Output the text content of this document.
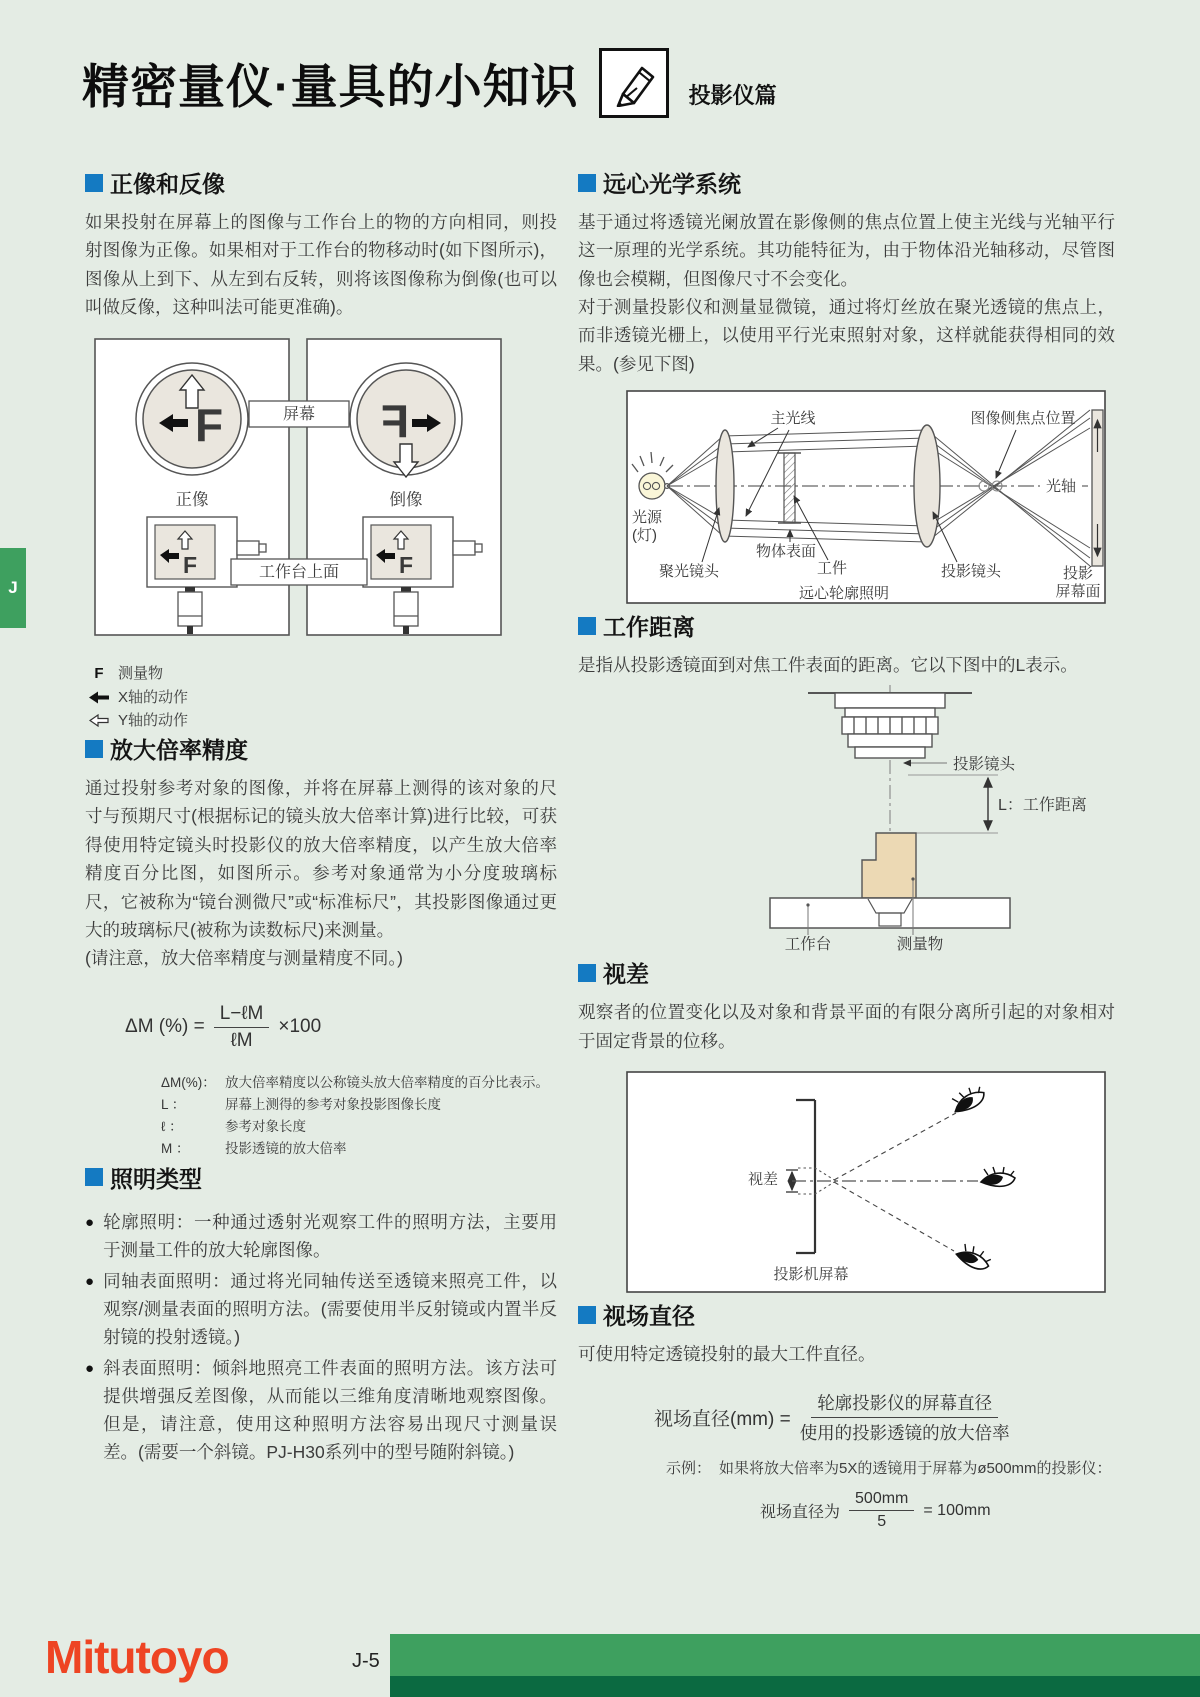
精密量仪·量具的小知识	投影仪篇
J
正像和反像

如果投射在屏幕上的图像与工作台上的物的方向相同，则投射图像为正像。如果相对于工作台的物移动时(如下图所示)，图像从上到下、从左到右反转，则将该图像称为倒像(也可以叫做反像，这种叫法可能更准确)。

F
正像
F
F
倒像
F
屏幕
工作台上面
F 测量物
X轴的动作
Y轴的动作
放大倍率精度

通过投射参考对象的图像，并将在屏幕上测得的该对象的尺寸与预期尺寸(根据标记的镜头放大倍率计算)进行比较，可获得使用特定镜头时投影仪的放大倍率精度，以产生放大倍率精度百分比图，如图所示。参考对象通常为小分度玻璃标尺，它被称为“镜台测微尺”或“标准标尺”，其投影图像通过更大的玻璃标尺(被称为读数标尺)来测量。

(请注意，放大倍率精度与测量精度不同。)

ΔM (%) = $\frac{\text{L−ℓM}}{\text{ℓM}} \times 100$
ΔM(%)： 放大倍率精度以公称镜头放大倍率精度的百分比表示。
L ：	屏幕上测得的参考对象投影图像长度
ℓ ：	参考对象长度
M ：	投影透镜的放大倍率
照明类型
● 轮廓照明：一种通过透射光观察工件的照明方法，主要用于测量工件的放大轮廓图像。
● 同轴表面照明：通过将光同轴传送至透镜来照亮工件，以观察/测量表面的照明方法。(需要使用半反射镜或内置半反射镜的投射透镜。)
● 斜表面照明：倾斜地照亮工件表面的照明方法。该方法可提供增强反差图像，从而能以三维角度清晰地观察图像。但是，请注意，使用这种照明方法容易出现尺寸测量误差。(需要一个斜镜。PJ-H30系列中的型号随附斜镜。)
远心光学系统

基于通过将透镜光阑放置在影像侧的焦点位置上使主光线与光轴平行这一原理的光学系统。其功能特征为，由于物体沿光轴移动，尽管图像也会模糊，但图像尺寸不会变化。

对于测量投影仪和测量显微镜，通过将灯丝放在聚光透镜的焦点上，而非透镜光栅上，以使用平行光束照射对象，这样就能获得相同的效果。(参见下图)

光源
(灯)
主光线	图像侧焦点位置
光轴
聚光镜头
物体表面
工件	投影镜头	投影
屏幕面
远心轮廓照明
工作距离

是指从投影透镜面到对焦工件表面的距离。它以下图中的L表示。

投影镜头
L：工作距离
工作台	测量物
视差

观察者的位置变化以及对象和背景平面的有限分离所引起的对象相对于固定背景的位移。

视差
投影机屏幕
视场直径

可使用特定透镜投射的最大工件直径。

视场直径$(mm) = \frac{\text{轮廓投影仪的屏幕直径}}{\text{使用的投影透镜的放大倍率}}$
示例： 如果将放大倍率为5X的透镜用于屏幕为ø500mm的投影仪：
视场直径为 $\frac{500mm}{5} = 100mm$
Mitutoyo	J-5
